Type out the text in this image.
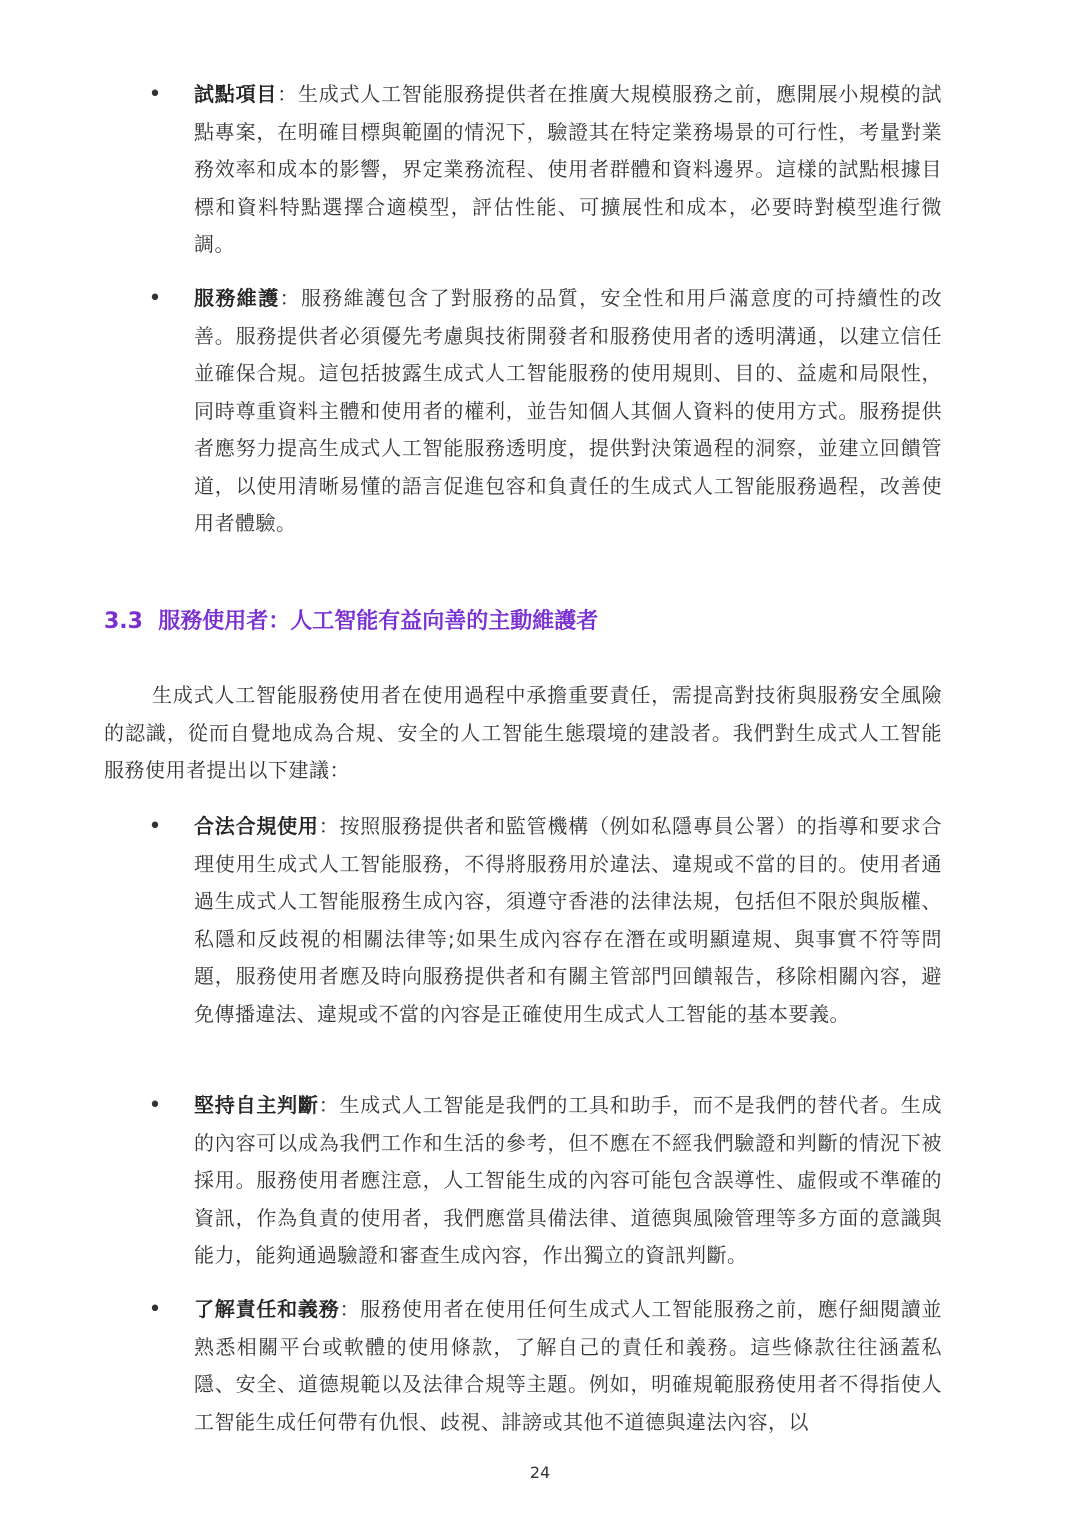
• 試點項目：生成式人工智能服務提供者在推廣大規模服務之前，應開展小規模的試點專案，在明確目標與範圍的情況下，驗證其在特定業務場景的可行性，考量對業務效率和成本的影響，界定業務流程、使用者群體和資料邊界。這樣的試點根據目標和資料特點選擇合適模型，評估性能、可擴展性和成本，必要時對模型進行微調。

• 服務維護：服務維護包含了對服務的品質，安全性和用戶滿意度的可持續性的改善。服務提供者必須優先考慮與技術開發者和服務使用者的透明溝通，以建立信任並確保合規。這包括披露生成式人工智能服務的使用規則、目的、益處和局限性，同時尊重資料主體和使用者的權利，並告知個人其個人資料的使用方式。服務提供者應努力提高生成式人工智能服務透明度，提供對決策過程的洞察，並建立回饋管道，以使用清晰易懂的語言促進包容和負責任的生成式人工智能服務過程，改善使用者體驗。

3.3  服務使用者：人工智能有益向善的主動維護者

生成式人工智能服務使用者在使用過程中承擔重要責任，需提高對技術與服務安全風險的認識，從而自覺地成為合規、安全的人工智能生態環境的建設者。我們對生成式人工智能服務使用者提出以下建議：

• 合法合規使用：按照服務提供者和監管機構（例如私隱專員公署）的指導和要求合理使用生成式人工智能服務，不得將服務用於違法、違規或不當的目的。使用者通過生成式人工智能服務生成內容，須遵守香港的法律法規，包括但不限於與版權、私隱和反歧視的相關法律等;如果生成內容存在潛在或明顯違規、與事實不符等問題，服務使用者應及時向服務提供者和有關主管部門回饋報告，移除相關內容，避免傳播違法、違規或不當的內容是正確使用生成式人工智能的基本要義。

• 堅持自主判斷：生成式人工智能是我們的工具和助手，而不是我們的替代者。生成的內容可以成為我們工作和生活的參考，但不應在不經我們驗證和判斷的情況下被採用。服務使用者應注意，人工智能生成的內容可能包含誤導性、虛假或不準確的資訊，作為負責的使用者，我們應當具備法律、道德與風險管理等多方面的意識與能力，能夠通過驗證和審查生成內容，作出獨立的資訊判斷。

• 了解責任和義務：服務使用者在使用任何生成式人工智能服務之前，應仔細閱讀並熟悉相關平台或軟體的使用條款，了解自己的責任和義務。這些條款往往涵蓋私隱、安全、道德規範以及法律合規等主題。例如，明確規範服務使用者不得指使人工智能生成任何帶有仇恨、歧視、誹謗或其他不道德與違法內容，以

24
